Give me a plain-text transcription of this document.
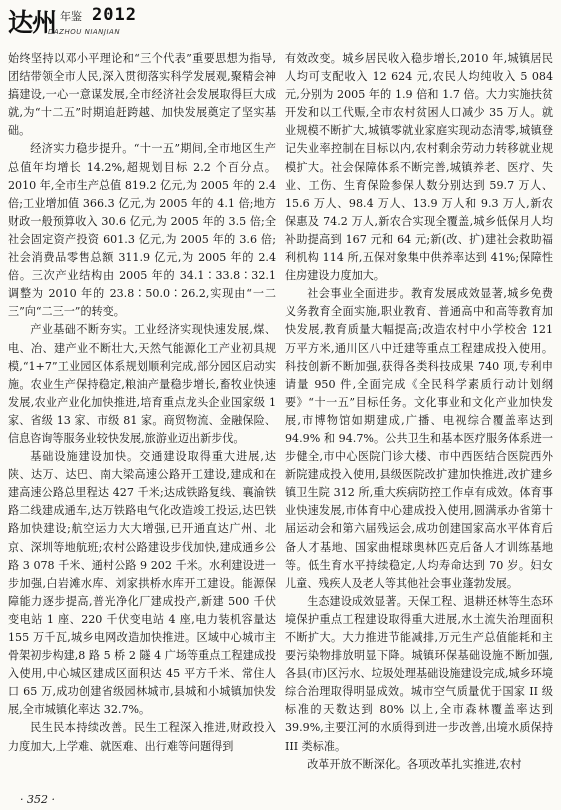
达州 年鉴 2012
DAZHOU NIANJIAN

始终坚持以邓小平理论和“三个代表”重要思想为指导,团结带领全市人民,深入贯彻落实科学发展观,聚精会神搞建设,一心一意谋发展,全市经济社会发展取得巨大成就,为“十二五”时期追赶跨越、加快发展奠定了坚实基础。

经济实力稳步提升。“十一五”期间,全市地区生产总值年均增长 14.2%,超规划目标 2.2 个百分点。2010 年,全市生产总值 819.2 亿元,为 2005 年的 2.4 倍;工业增加值 366.3 亿元,为 2005 年的 4.1 倍;地方财政一般预算收入 30.6 亿元,为 2005 年的 3.5 倍;全社会固定资产投资 601.3 亿元,为 2005 年的 3.6 倍;社会消费品零售总额 311.9 亿元,为 2005 年的 2.4 倍。三次产业结构由 2005 年的 34.1∶33.8∶32.1 调整为 2010 年的 23.8∶50.0∶26.2,实现由“一二三”向“二三一”的转变。

产业基础不断夯实。工业经济实现快速发展,煤、电、冶、建产业不断壮大,天然气能源化工产业初具规模,“1+7”工业园区体系规划顺利完成,部分园区启动实施。农业生产保持稳定,粮油产量稳步增长,畜牧业快速发展,农业产业化加快推进,培育重点龙头企业国家级 1 家、省级 13 家、市级 81 家。商贸物流、金融保险、信息咨询等服务业较快发展,旅游业迈出新步伐。

基础设施建设加快。交通建设取得重大进展,达陕、达万、达巴、南大梁高速公路开工建设,建成和在建高速公路总里程达 427 千米;达成铁路复线、襄渝铁路二线建成通车,达万铁路电气化改造竣工投运,达巴铁路加快建设;航空运力大大增强,已开通直达广州、北京、深圳等地航班;农村公路建设步伐加快,建成通乡公路 3 078 千米、通村公路 9 202 千米。水利建设进一步加强,白岩滩水库、刘家拱桥水库开工建设。能源保障能力逐步提高,普光净化厂建成投产,新建 500 千伏变电站 1 座、220 千伏变电站 4 座,电力装机容量达 155 万千瓦,城乡电网改造加快推进。区域中心城市主骨架初步构建,8 路 5 桥 2 隧 4 广场等重点工程建成投入使用,中心城区建成区面积达 45 平方千米、常住人口 65 万,成功创建省级园林城市,县城和小城镇加快发展,全市城镇化率达 32.7%。

民生民本持续改善。民生工程深入推进,财政投入力度加大,上学难、就医难、出行难等问题得到

有效改变。城乡居民收入稳步增长,2010 年,城镇居民人均可支配收入 12 624 元,农民人均纯收入 5 084 元,分别为 2005 年的 1.9 倍和 1.7 倍。大力实施扶贫开发和以工代赈,全市农村贫困人口减少 35 万人。就业规模不断扩大,城镇零就业家庭实现动态清零,城镇登记失业率控制在目标以内,农村剩余劳动力转移就业规模扩大。社会保障体系不断完善,城镇养老、医疗、失业、工伤、生育保险参保人数分别达到 59.7 万人、15.6 万人、98.4 万人、13.9 万人和 9.3 万人,新农保惠及 74.2 万人,新农合实现全覆盖,城乡低保月人均补助提高到 167 元和 64 元;新(改、扩)建社会救助福利机构 114 所,五保对象集中供养率达到 41%;保障性住房建设力度加大。

社会事业全面进步。教育发展成效显著,城乡免费义务教育全面实施,职业教育、普通高中和高等教育加快发展,教育质量大幅提高;改造农村中小学校舍 121 万平方米,通川区八中迁建等重点工程建成投入使用。科技创新不断加强,获得各类科技成果 740 项,专利申请量 950 件,全面完成《全民科学素质行动计划纲要》“十一五”目标任务。文化事业和文化产业加快发展,市博物馆如期建成,广播、电视综合覆盖率达到 94.9% 和 94.7%。公共卫生和基本医疗服务体系进一步健全,市中心医院门诊大楼、市中西医结合医院西外新院建成投入使用,县级医院改扩建加快推进,改扩建乡镇卫生院 312 所,重大疾病防控工作卓有成效。体育事业快速发展,市体育中心建成投入使用,圆满承办省第十届运动会和第六届残运会,成功创建国家高水平体育后备人才基地、国家曲棍球奥林匹克后备人才训练基地等。低生育水平持续稳定,人均寿命达到 70 岁。妇女儿童、残疾人及老人等其他社会事业蓬勃发展。

生态建设成效显著。天保工程、退耕还林等生态环境保护重点工程建设取得重大进展,水土流失治理面积不断扩大。大力推进节能减排,万元生产总值能耗和主要污染物排放明显下降。城镇环保基础设施不断加强,各县(市)区污水、垃圾处理基础设施建设完成,城乡环境综合治理取得明显成效。城市空气质量优于国家 II 级标准的天数达到 80% 以上,全市森林覆盖率达到 39.9%,主要江河的水质得到进一步改善,出境水质保持 III 类标准。

改革开放不断深化。各项改革扎实推进,农村

· 352 ·
